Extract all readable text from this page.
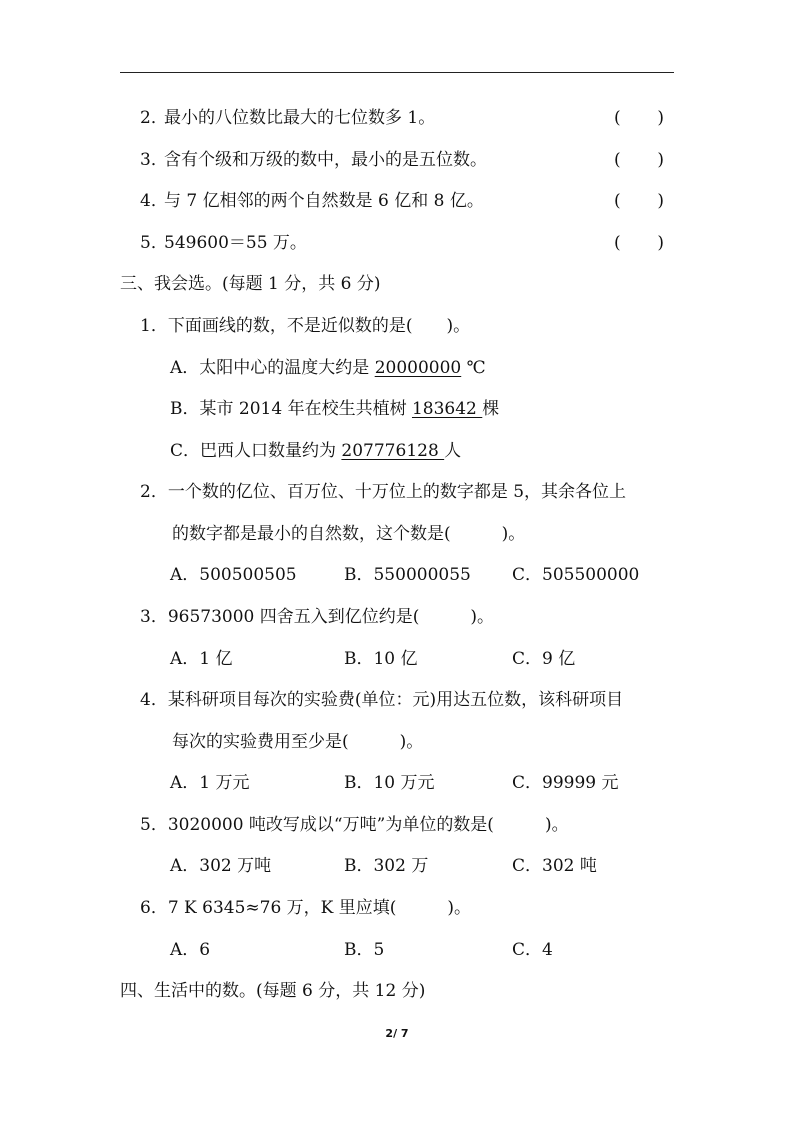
2．最小的八位数比最大的七位数多 1。	( )
3．含有个级和万级的数中，最小的是五位数。	( )
4．与 7 亿相邻的两个自然数是 6 亿和 8 亿。	( )
5．549600＝55 万。	( )
三、我会选。(每题 1 分，共 6 分)
1．下面画线的数，不是近似数的是(　　)。
A．太阳中心的温度大约是 20000000 ℃
B．某市 2014 年在校生共植树 183642 棵
C．巴西人口数量约为 207776128 人
2．一个数的亿位、百万位、十万位上的数字都是 5，其余各位上
的数字都是最小的自然数，这个数是(　　　)。
A．500500505	B．550000055 C．505500000
3．96573000 四舍五入到亿位约是(　　　)。
A．1 亿	B．10 亿	C．9 亿
4．某科研项目每次的实验费(单位：元)用达五位数，该科研项目
每次的实验费用至少是(　　　)。
A．1 万元	B．10 万元	C．99999 元
5．3020000 吨改写成以“万吨”为单位的数是(　　　)。
A．302 万吨	B．302 万	C．302 吨
6．7 K 6345≈76 万，K 里应填(　　　)。
A．6	B．5	C．4
四、生活中的数。(每题 6 分，共 12 分)
2/ 7
